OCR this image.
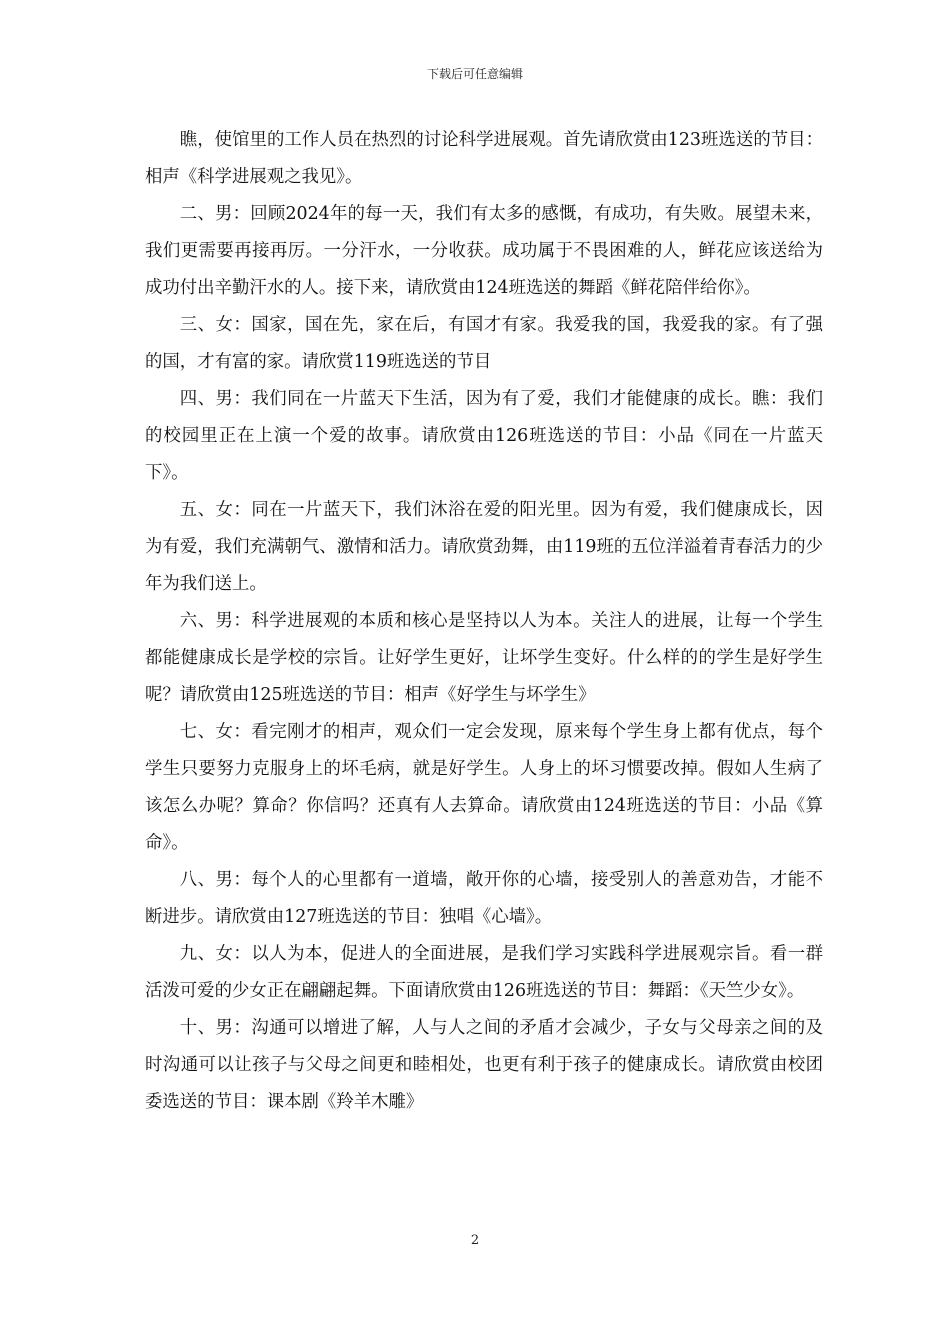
下载后可任意编辑

瞧，使馆里的工作人员在热烈的讨论科学进展观。首先请欣赏由123班选送的节目：相声《科学进展观之我见》。

二、男：回顾2024年的每一天，我们有太多的感慨，有成功，有失败。展望未来，我们更需要再接再厉。一分汗水，一分收获。成功属于不畏困难的人，鲜花应该送给为成功付出辛勤汗水的人。接下来，请欣赏由124班选送的舞蹈《鲜花陪伴给你》。

三、女：国家，国在先，家在后，有国才有家。我爱我的国，我爱我的家。有了强的国，才有富的家。请欣赏119班选送的节目

四、男：我们同在一片蓝天下生活，因为有了爱，我们才能健康的成长。瞧：我们的校园里正在上演一个爱的故事。请欣赏由126班选送的节目：小品《同在一片蓝天下》。

五、女：同在一片蓝天下，我们沐浴在爱的阳光里。因为有爱，我们健康成长，因为有爱，我们充满朝气、激情和活力。请欣赏劲舞，由119班的五位洋溢着青春活力的少年为我们送上。

六、男：科学进展观的本质和核心是坚持以人为本。关注人的进展，让每一个学生都能健康成长是学校的宗旨。让好学生更好，让坏学生变好。什么样的的学生是好学生呢？请欣赏由125班选送的节目：相声《好学生与坏学生》

七、女：看完刚才的相声，观众们一定会发现，原来每个学生身上都有优点，每个学生只要努力克服身上的坏毛病，就是好学生。人身上的坏习惯要改掉。假如人生病了该怎么办呢？算命？你信吗？还真有人去算命。请欣赏由124班选送的节目：小品《算命》。

八、男：每个人的心里都有一道墙，敞开你的心墙，接受别人的善意劝告，才能不断进步。请欣赏由127班选送的节目：独唱《心墙》。

九、女：以人为本，促进人的全面进展，是我们学习实践科学进展观宗旨。看一群活泼可爱的少女正在翩翩起舞。下面请欣赏由126班选送的节目：舞蹈：《天竺少女》。

十、男：沟通可以增进了解，人与人之间的矛盾才会减少，子女与父母亲之间的及时沟通可以让孩子与父母之间更和睦相处，也更有利于孩子的健康成长。请欣赏由校团委选送的节目：课本剧《羚羊木雕》

2
